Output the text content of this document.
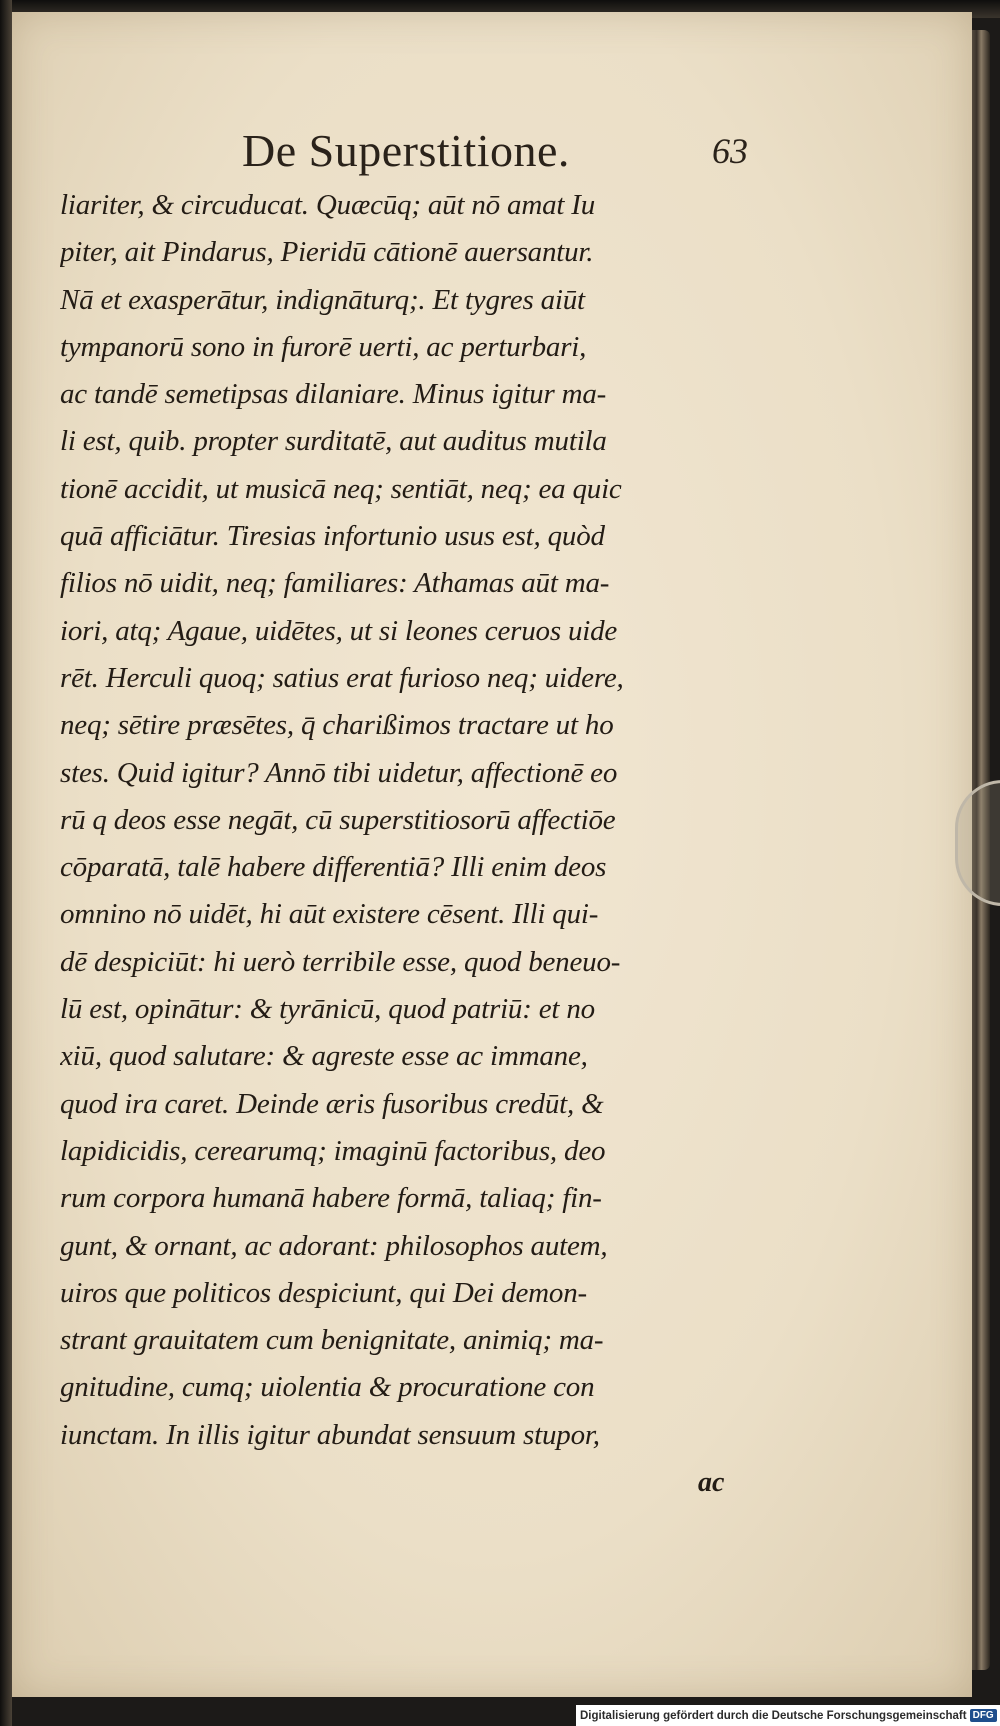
De Superstitione.	63
liariter, & circuducat. Quæcūq; aūt nō amat Iu
piter, ait Pindarus, Pieridū cātionē auersantur.
Nā et exasperātur, indignāturq;. Et tygres aiūt
tympanorū sono in furorē uerti, ac perturbari,
ac tandē semetipsas dilaniare. Minus igitur ma-
li est, quib. propter surditatē, aut auditus mutila
tionē accidit, ut musicā neq; sentiāt, neq; ea quic
quā afficiātur. Tiresias infortunio usus est, quòd
filios nō uidit, neq; familiares: Athamas aūt ma-
iori, atq; Agaue, uidētes, ut si leones ceruos uide
rēt. Herculi quoq; satius erat furioso neq; uidere,
neq; sētire præsētes, q̄ charißimos tractare ut ho
stes. Quid igitur? Annō tibi uidetur, affectionē eo
rū q deos esse negāt, cū superstitiosorū affectiōe
cōparatā, talē habere differentiā? Illi enim deos
omnino nō uidēt, hi aūt existere cēsent. Illi qui-
dē despiciūt: hi uerò terribile esse, quod beneuo-
lū est, opinātur: & tyrānicū, quod patriū: et no
xiū, quod salutare: & agreste esse ac immane,
quod ira caret. Deinde æris fusoribus credūt, &
lapidicidis, cerearumq; imaginū factoribus, deo
rum corpora humanā habere formā, taliaq; fin-
gunt, & ornant, ac adorant: philosophos autem,
uiros que politicos despiciunt, qui Dei demon-
strant grauitatem cum benignitate, animiq; ma-
gnitudine, cumq; uiolentia & procuratione con
iunctam. In illis igitur abundat sensuum stupor,
ac
Digitalisierung gefördert durch die Deutsche Forschungsgemeinschaft DFG
